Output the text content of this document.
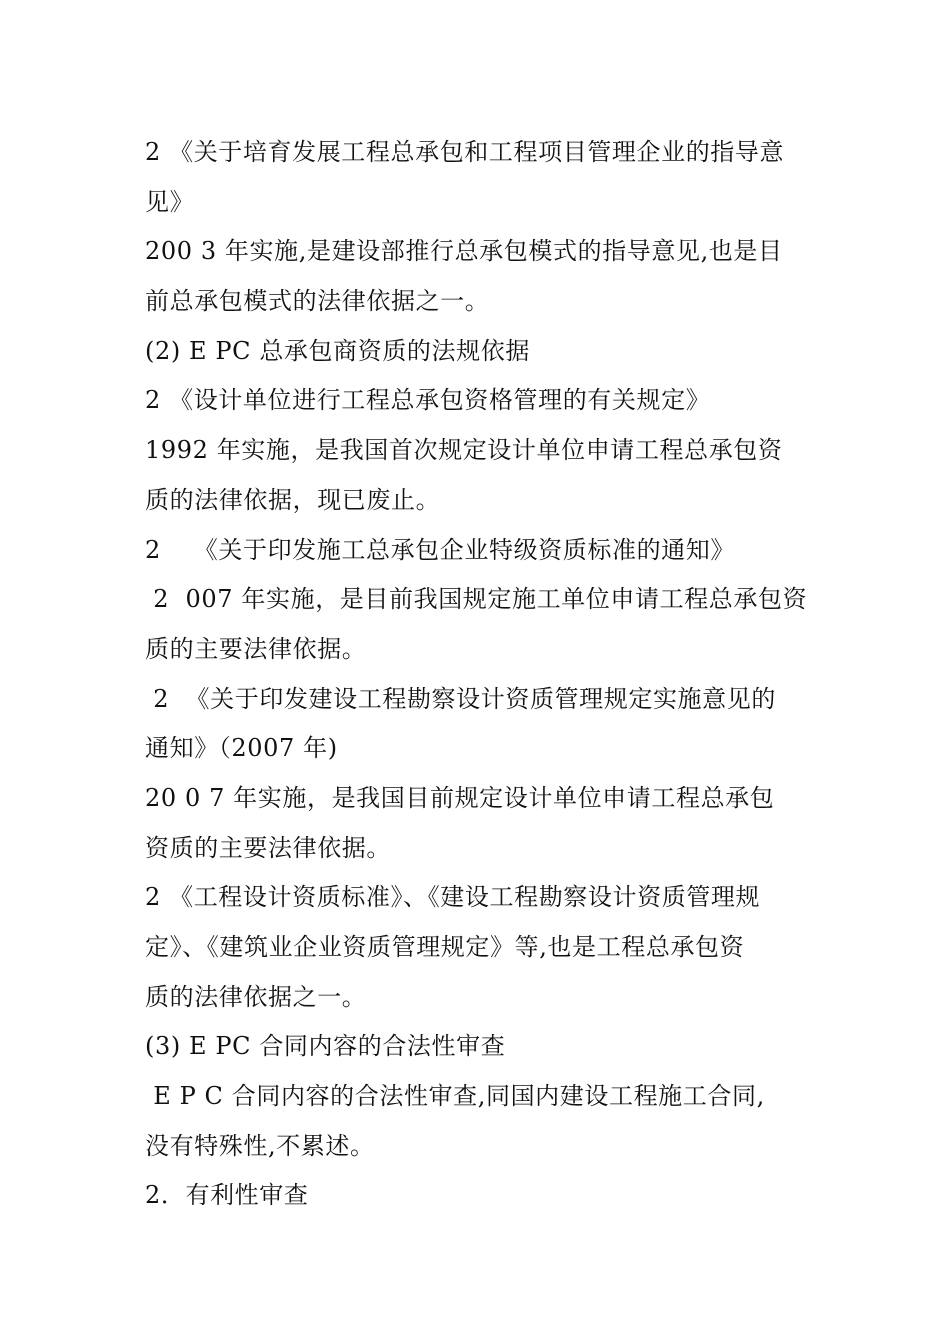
2 《关于培育发展工程总承包和工程项目管理企业的指导意
见》
200 3 年实施,是建设部推行总承包模式的指导意见,也是目
前总承包模式的法律依据之一。
(2) E PC 总承包商资质的法规依据
2 《设计单位进行工程总承包资格管理的有关规定》
1992 年实施，是我国首次规定设计单位申请工程总承包资
质的法律依据，现已废止。
2    《关于印发施工总承包企业特级资质标准的通知》
2  007 年实施，是目前我国规定施工单位申请工程总承包资
质的主要法律依据。
2  《关于印发建设工程勘察设计资质管理规定实施意见的
通知》（2007 年)
20 0 7 年实施，是我国目前规定设计单位申请工程总承包
资质的主要法律依据。
2 《工程设计资质标准》、《建设工程勘察设计资质管理规
定》、《建筑业企业资质管理规定》等,也是工程总承包资
质的法律依据之一。
(3) E PC 合同内容的合法性审查
E P C 合同内容的合法性审查,同国内建设工程施工合同,
没有特殊性,不累述。
2．有利性审查
